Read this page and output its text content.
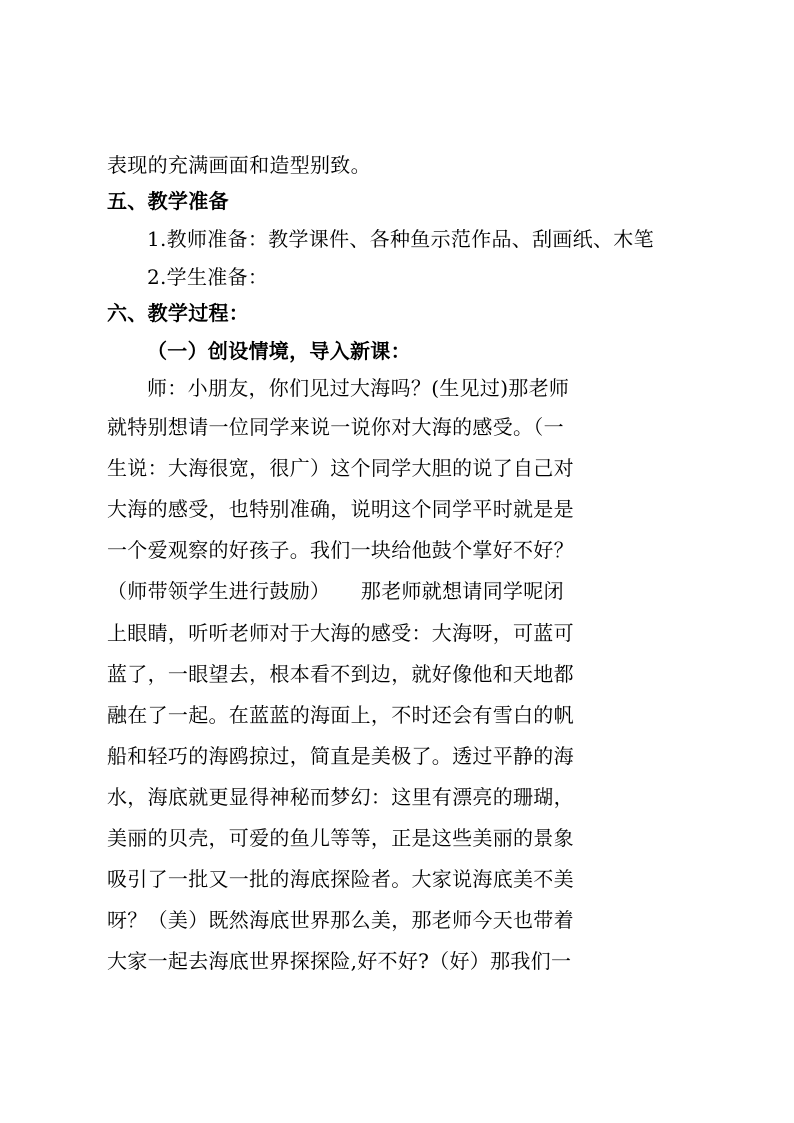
表现的充满画面和造型别致。
五、教学准备
1.教师准备：教学课件、各种鱼示范作品、刮画纸、木笔
2.学生准备：
六、教学过程：
（一）创设情境，导入新课：
师：小朋友，你们见过大海吗？(生见过)那老师
就特别想请一位同学来说一说你对大海的感受。（一
生说：大海很宽，很广）这个同学大胆的说了自己对
大海的感受，也特别准确，说明这个同学平时就是是
一个爱观察的好孩子。我们一块给他鼓个掌好不好？
（师带领学生进行鼓励）　　那老师就想请同学呢闭
上眼睛，听听老师对于大海的感受：大海呀，可蓝可
蓝了，一眼望去，根本看不到边，就好像他和天地都
融在了一起。在蓝蓝的海面上，不时还会有雪白的帆
船和轻巧的海鸥掠过，简直是美极了。透过平静的海
水，海底就更显得神秘而梦幻：这里有漂亮的珊瑚，
美丽的贝壳，可爱的鱼儿等等，正是这些美丽的景象
吸引了一批又一批的海底探险者。大家说海底美不美
呀？（美）既然海底世界那么美，那老师今天也带着
大家一起去海底世界探探险,好不好?（好）那我们一
